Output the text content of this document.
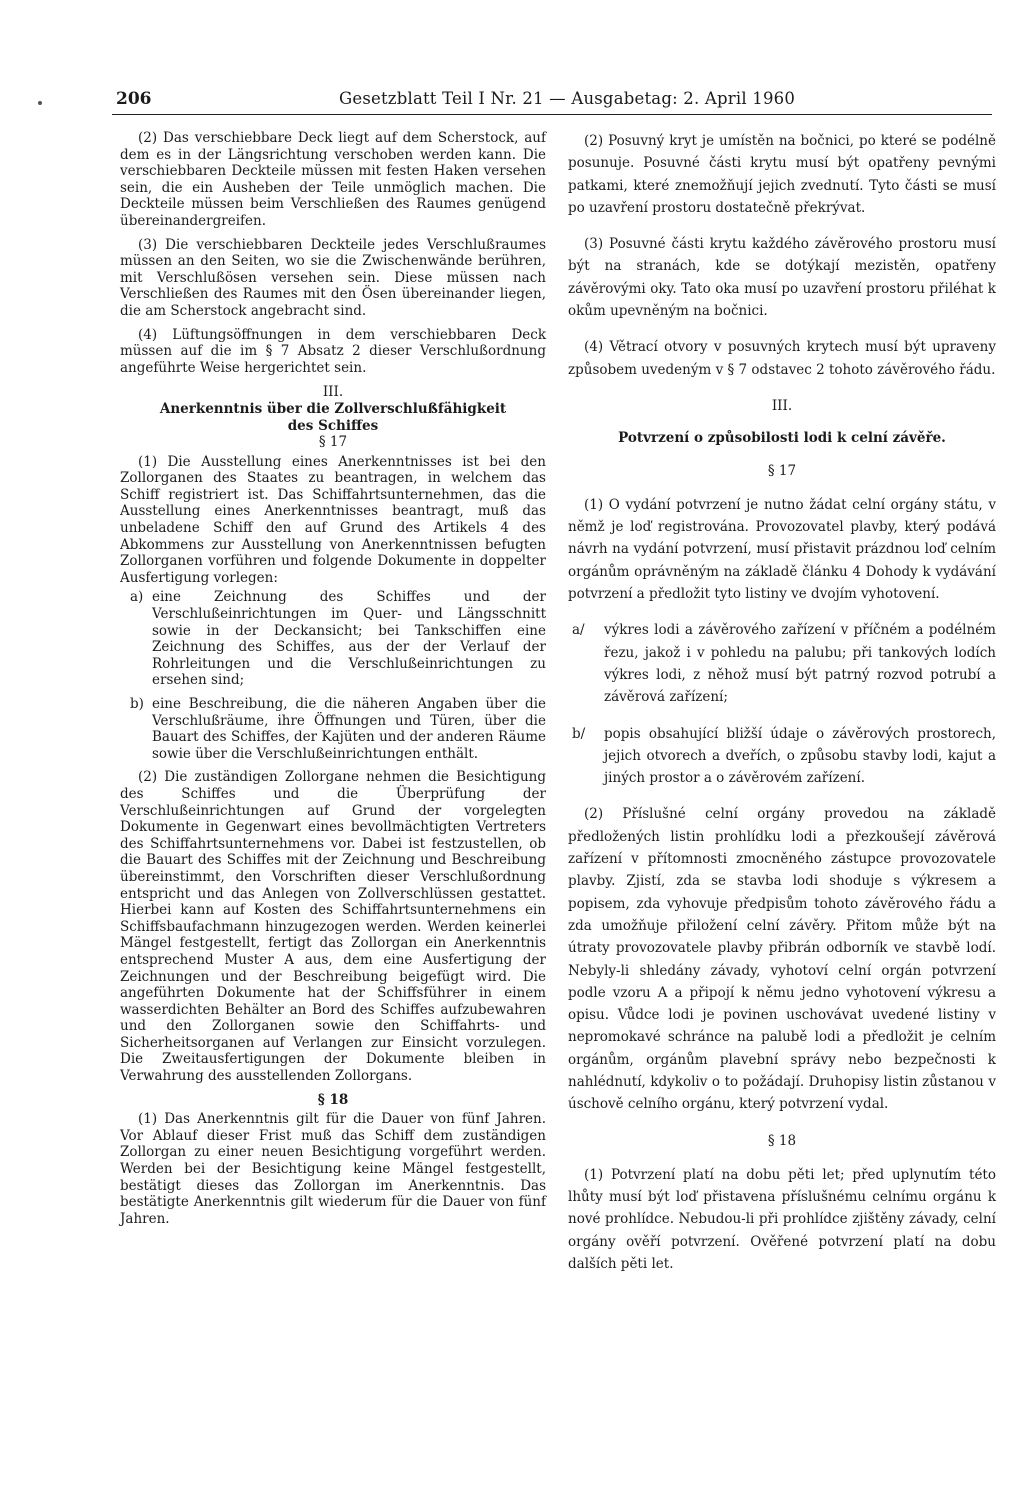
206	Gesetzblatt Teil I Nr. 21 — Ausgabetag: 2. April 1960

(2) Das verschiebbare Deck liegt auf dem Scherstock, auf dem es in der Längsrichtung verschoben werden kann. Die verschiebbaren Deckteile müssen mit festen Haken versehen sein, die ein Ausheben der Teile unmöglich machen. Die Deckteile müssen beim Verschließen des Raumes genügend übereinandergreifen.

(3) Die verschiebbaren Deckteile jedes Verschlußraumes müssen an den Seiten, wo sie die Zwischenwände berühren, mit Verschlußösen versehen sein. Diese müssen nach Verschließen des Raumes mit den Ösen übereinander liegen, die am Scherstock angebracht sind.

(4) Lüftungsöffnungen in dem verschiebbaren Deck müssen auf die im § 7 Absatz 2 dieser Verschlußordnung angeführte Weise hergerichtet sein.

III.

Anerkenntnis über die Zollverschlußfähigkeit

des Schiffes

§ 17

(1) Die Ausstellung eines Anerkenntnisses ist bei den Zollorganen des Staates zu beantragen, in welchem das Schiff registriert ist. Das Schiffahrtsunternehmen, das die Ausstellung eines Anerkenntnisses beantragt, muß das unbeladene Schiff den auf Grund des Artikels 4 des Abkommens zur Ausstellung von Anerkenntnissen befugten Zollorganen vorführen und folgende Dokumente in doppelter Ausfertigung vorlegen:

a) eine Zeichnung des Schiffes und der Verschlußeinrichtungen im Quer- und Längsschnitt sowie in der Deckansicht; bei Tankschiffen eine Zeichnung des Schiffes, aus der der Verlauf der Rohrleitungen und die Verschlußeinrichtungen zu ersehen sind;
b) eine Beschreibung, die die näheren Angaben über die Verschlußräume, ihre Öffnungen und Türen, über die Bauart des Schiffes, der Kajüten und der anderen Räume sowie über die Verschlußeinrichtungen enthält.

(2) Die zuständigen Zollorgane nehmen die Besichtigung des Schiffes und die Überprüfung der Verschlußeinrichtungen auf Grund der vorgelegten Dokumente in Gegenwart eines bevollmächtigten Vertreters des Schiffahrtsunternehmens vor. Dabei ist festzustellen, ob die Bauart des Schiffes mit der Zeichnung und Beschreibung übereinstimmt, den Vorschriften dieser Verschlußordnung entspricht und das Anlegen von Zollverschlüssen gestattet. Hierbei kann auf Kosten des Schiffahrtsunternehmens ein Schiffsbaufachmann hinzugezogen werden. Werden keinerlei Mängel festgestellt, fertigt das Zollorgan ein Anerkenntnis entsprechend Muster A aus, dem eine Ausfertigung der Zeichnungen und der Beschreibung beigefügt wird. Die angeführten Dokumente hat der Schiffsführer in einem wasserdichten Behälter an Bord des Schiffes aufzubewahren und den Zollorganen sowie den Schiffahrts- und Sicherheitsorganen auf Verlangen zur Einsicht vorzulegen. Die Zweitausfertigungen der Dokumente bleiben in Verwahrung des ausstellenden Zollorgans.

§ 18

(1) Das Anerkenntnis gilt für die Dauer von fünf Jahren. Vor Ablauf dieser Frist muß das Schiff dem zuständigen Zollorgan zu einer neuen Besichtigung vorgeführt werden. Werden bei der Besichtigung keine Mängel festgestellt, bestätigt dieses das Zollorgan im Anerkenntnis. Das bestätigte Anerkenntnis gilt wiederum für die Dauer von fünf Jahren.

(2) Posuvný kryt je umístěn na bočnici, po které se podélně posunuje. Posuvné části krytu musí být opatřeny pevnými patkami, které znemožňují jejich zvednutí. Tyto části se musí po uzavření prostoru dostatečně překrývat.

(3) Posuvné části krytu každého závěrového prostoru musí být na stranách, kde se dotýkají mezistěn, opatřeny závěrovými oky. Tato oka musí po uzavření prostoru přiléhat k okům upevněným na bočnici.

(4) Větrací otvory v posuvných krytech musí být upraveny způsobem uvedeným v § 7 odstavec 2 tohoto závěrového řádu.

III.

Potvrzení o způsobilosti lodi k celní závěře.

§ 17

(1) O vydání potvrzení je nutno žádat celní orgány státu, v němž je loď registrována. Provozovatel plavby, který podává návrh na vydání potvrzení, musí přistavit prázdnou loď celním orgánům oprávněným na základě článku 4 Dohody k vydávání potvrzení a předložit tyto listiny ve dvojím vyhotovení.

a/	výkres lodi a závěrového zařízení v příčném a podélném řezu, jakož i v pohledu na palubu; při tankových lodích výkres lodi, z něhož musí být patrný rozvod potrubí a závěrová zařízení;
b/	popis obsahující bližší údaje o závěrových prostorech, jejich otvorech a dveřích, o způsobu stavby lodi, kajut a jiných prostor a o závěrovém zařízení.

(2) Příslušné celní orgány provedou na základě předložených listin prohlídku lodi a přezkoušejí závěrová zařízení v přítomnosti zmocněného zástupce provozovatele plavby. Zjistí, zda se stavba lodi shoduje s výkresem a popisem, zda vyhovuje předpisům tohoto závěrového řádu a zda umožňuje přiložení celní závěry. Přitom může být na útraty provozovatele plavby přibrán odborník ve stavbě lodí. Nebyly-li shledány závady, vyhotoví celní orgán potvrzení podle vzoru A a připojí k němu jedno vyhotovení výkresu a opisu. Vůdce lodi je povinen uschovávat uvedené listiny v nepromokavé schránce na palubě lodi a předložit je celním orgánům, orgánům plavební správy nebo bezpečnosti k nahlédnutí, kdykoliv o to požádají. Druhopisy listin zůstanou v úschově celního orgánu, který potvrzení vydal.

§ 18

(1) Potvrzení platí na dobu pěti let; před uplynutím této lhůty musí být loď přistavena příslušnému celnímu orgánu k nové prohlídce. Nebudou-li při prohlídce zjištěny závady, celní orgány ověří potvrzení. Ověřené potvrzení platí na dobu dalších pěti let.
